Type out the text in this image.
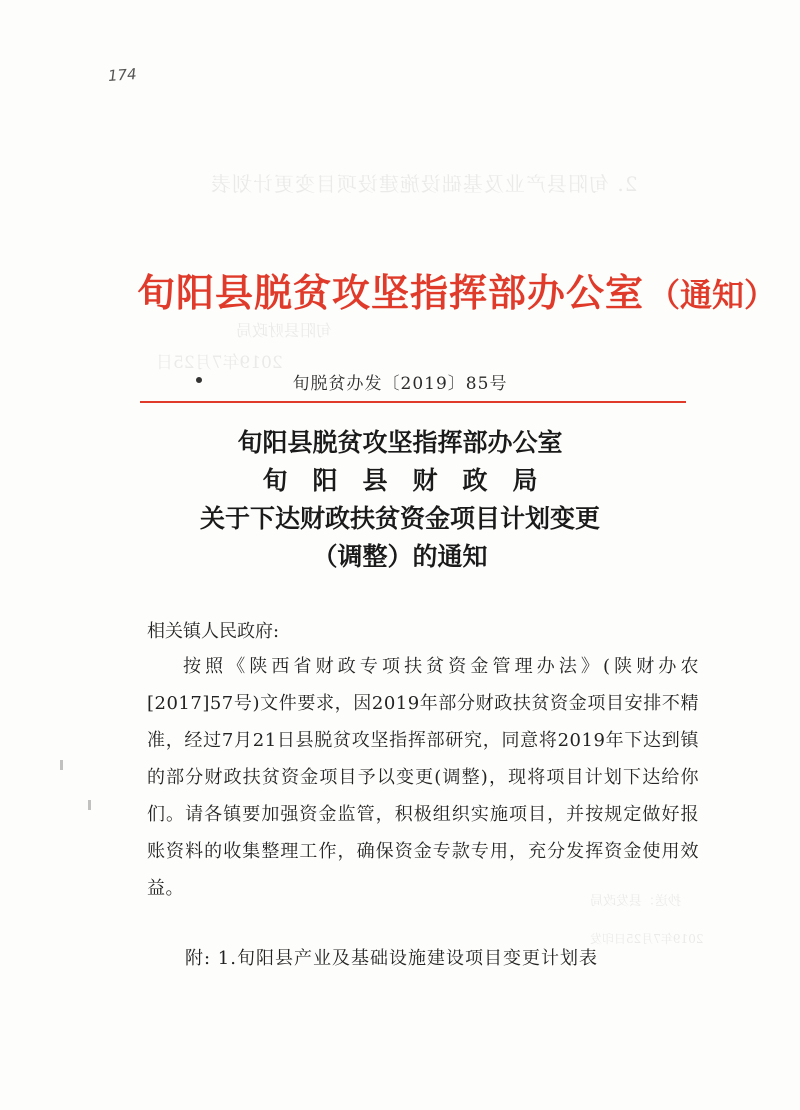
174
2. 旬阳县产业及基础设施建设项目变更计划表
旬阳县财政局
2019年7月25日
抄送：县发改局
2019年7月25日印发
旬阳县脱贫攻坚指挥部办公室 （通知）
旬脱贫办发〔2019〕85号
旬阳县脱贫攻坚指挥部办公室
旬阳县财政局
关于下达财政扶贫资金项目计划变更
（调整）的通知
相关镇人民政府:
按照《陕西省财政专项扶贫资金管理办法》(陕财办农[2017]57号)文件要求，因2019年部分财政扶贫资金项目安排不精准，经过7月21日县脱贫攻坚指挥部研究，同意将2019年下达到镇的部分财政扶贫资金项目予以变更(调整)，现将项目计划下达给你们。请各镇要加强资金监管，积极组织实施项目，并按规定做好报账资料的收集整理工作，确保资金专款专用，充分发挥资金使用效益。
附: 1.旬阳县产业及基础设施建设项目变更计划表
